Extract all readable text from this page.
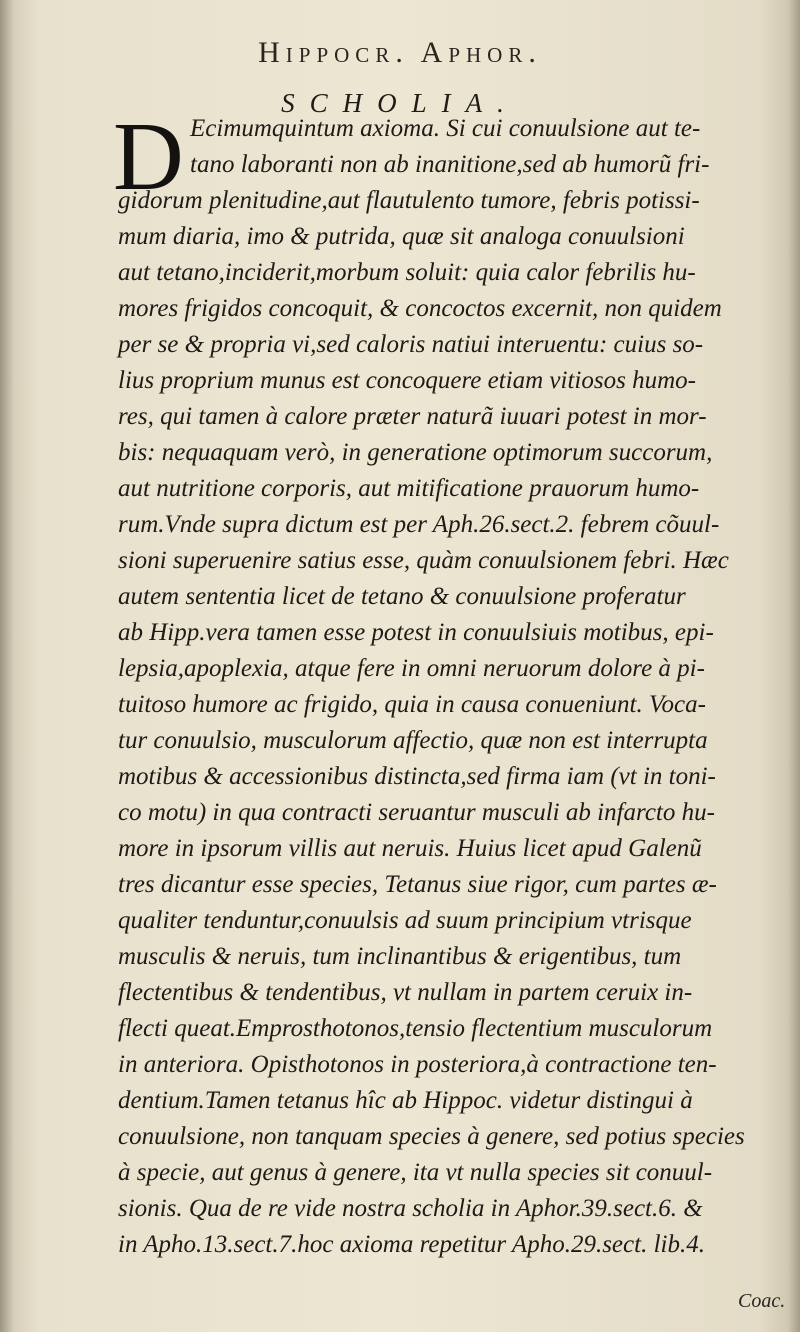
Hippocr. Aphor.
SCHOLIA.
D Ecimumquintum axioma. Si cui conuulsione aut te-
tano laboranti non ab inanitione,sed ab humorũ fri-
gidorum plenitudine,aut flautulento tumore, febris potissi-
mum diaria, imo & putrida, quæ sit analoga conuulsioni
aut tetano,inciderit,morbum soluit: quia calor febrilis hu-
mores frigidos concoquit, & concoctos excernit, non quidem
per se & propria vi,sed caloris natiui interuentu: cuius so-
lius proprium munus est concoquere etiam vitiosos humo-
res, qui tamen à calore præter naturã iuuari potest in mor-
bis: nequaquam verò, in generatione optimorum succorum,
aut nutritione corporis, aut mitificatione prauorum humo-
rum.Vnde supra dictum est per Aph.26.sect.2. febrem cõuul-
sioni superuenire satius esse, quàm conuulsionem febri. Hæc
autem sententia licet de tetano & conuulsione proferatur
ab Hipp.vera tamen esse potest in conuulsiuis motibus, epi-
lepsia,apoplexia, atque fere in omni neruorum dolore à pi-
tuitoso humore ac frigido, quia in causa conueniunt. Voca-
tur conuulsio, musculorum affectio, quæ non est interrupta
motibus & accessionibus distincta,sed firma iam (vt in toni-
co motu) in qua contracti seruantur musculi ab infarcto hu-
more in ipsorum villis aut neruis. Huius licet apud Galenũ
tres dicantur esse species, Tetanus siue rigor, cum partes æ-
qualiter tenduntur,conuulsis ad suum principium vtrisque
musculis & neruis, tum inclinantibus & erigentibus, tum
flectentibus & tendentibus, vt nullam in partem ceruix in-
flecti queat.Emprosthotonos,tensio flectentium musculorum
in anteriora. Opisthotonos in posteriora,à contractione ten-
dentium.Tamen tetanus hîc ab Hippoc. videtur distingui à
conuulsione, non tanquam species à genere, sed potius species
à specie, aut genus à genere, ita vt nulla species sit conuul-
sionis. Qua de re vide nostra scholia in Aphor.39.sect.6. &
in Apho.13.sect.7.hoc axioma repetitur Apho.29.sect. lib.4.
Coac.
